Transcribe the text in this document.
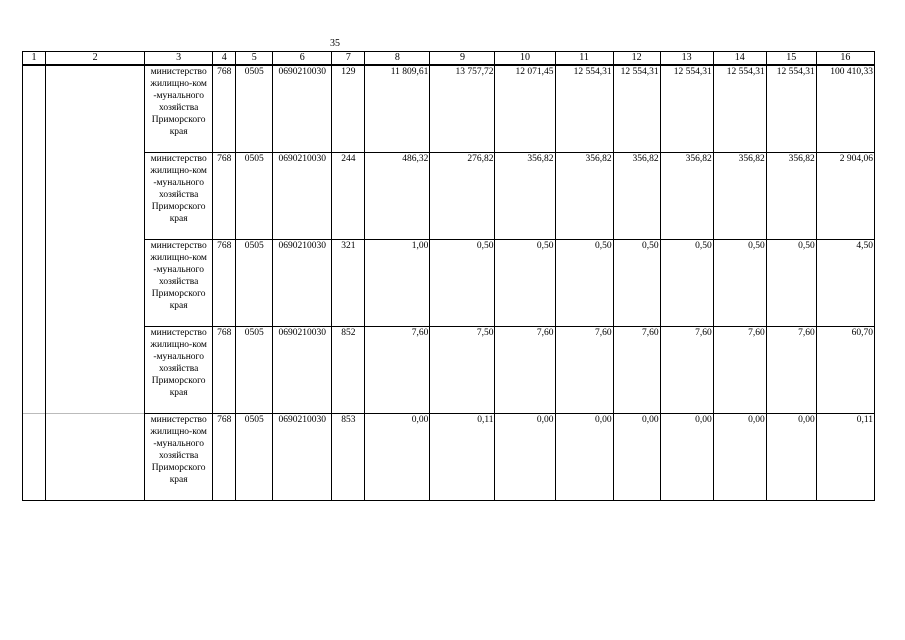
35
1	2	3	4	5	6	7	8	9	10	11	12	13	14	15	16
		министерство жилищно-ком -мунального хозяйства Приморского края	768	0505	0690210030	129	11 809,61	13 757,72	12 071,45	12 554,31	12 554,31	12 554,31	12 554,31	12 554,31	100 410,33
		министерство жилищно-ком -мунального хозяйства Приморского края	768	0505	0690210030	244	486,32	276,82	356,82	356,82	356,82	356,82	356,82	356,82	2 904,06
		министерство жилищно-ком -мунального хозяйства Приморского края	768	0505	0690210030	321	1,00	0,50	0,50	0,50	0,50	0,50	0,50	0,50	4,50
		министерство жилищно-ком -мунального хозяйства Приморского края	768	0505	0690210030	852	7,60	7,50	7,60	7,60	7,60	7,60	7,60	7,60	60,70
		министерство жилищно-ком -мунального хозяйства Приморского края	768	0505	0690210030	853	0,00	0,11	0,00	0,00	0,00	0,00	0,00	0,00	0,11
